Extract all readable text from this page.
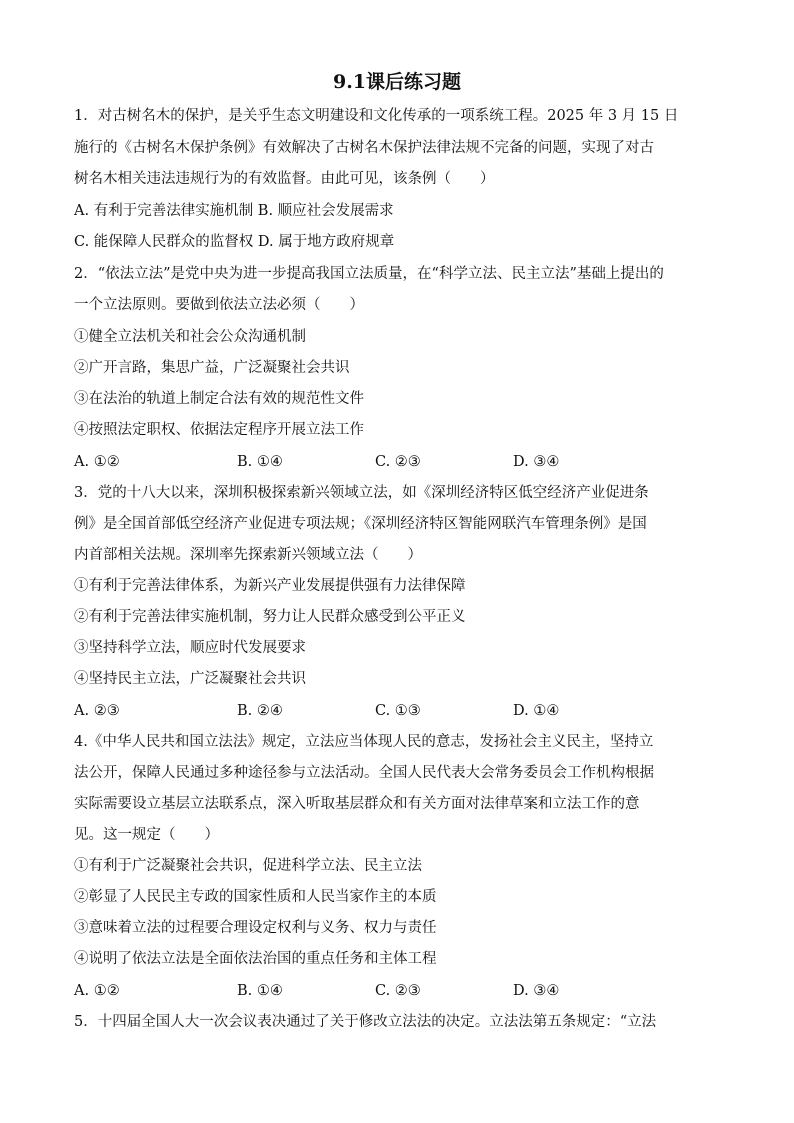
9.1课后练习题
1．对古树名木的保护，是关乎生态文明建设和文化传承的一项系统工程。2025 年 3 月 15 日
施行的《古树名木保护条例》有效解决了古树名木保护法律法规不完备的问题，实现了对古
树名木相关违法违规行为的有效监督。由此可见，该条例（　　）
A. 有利于完善法律实施机制 B. 顺应社会发展需求
C. 能保障人民群众的监督权 D. 属于地方政府规章
2．“依法立法”是党中央为进一步提高我国立法质量，在“科学立法、民主立法”基础上提出的
一个立法原则。要做到依法立法必须（　　）
①健全立法机关和社会公众沟通机制
②广开言路，集思广益，广泛凝聚社会共识
③在法治的轨道上制定合法有效的规范性文件
④按照法定职权、依据法定程序开展立法工作
A. ①②	B. ①④	C. ②③	D. ③④
3．党的十八大以来，深圳积极探索新兴领域立法，如《深圳经济特区低空经济产业促进条
例》是全国首部低空经济产业促进专项法规；《深圳经济特区智能网联汽车管理条例》是国
内首部相关法规。深圳率先探索新兴领域立法（　　）
①有利于完善法律体系，为新兴产业发展提供强有力法律保障
②有利于完善法律实施机制，努力让人民群众感受到公平正义
③坚持科学立法，顺应时代发展要求
④坚持民主立法，广泛凝聚社会共识
A. ②③	B. ②④	C. ①③	D. ①④
4.《中华人民共和国立法法》规定，立法应当体现人民的意志，发扬社会主义民主，坚持立
法公开，保障人民通过多种途径参与立法活动。全国人民代表大会常务委员会工作机构根据
实际需要设立基层立法联系点，深入听取基层群众和有关方面对法律草案和立法工作的意
见。这一规定（　　）
①有利于广泛凝聚社会共识，促进科学立法、民主立法
②彰显了人民民主专政的国家性质和人民当家作主的本质
③意味着立法的过程要合理设定权利与义务、权力与责任
④说明了依法立法是全面依法治国的重点任务和主体工程
A. ①②	B. ①④	C. ②③	D. ③④
5．十四届全国人大一次会议表决通过了关于修改立法法的决定。立法法第五条规定：“立法
